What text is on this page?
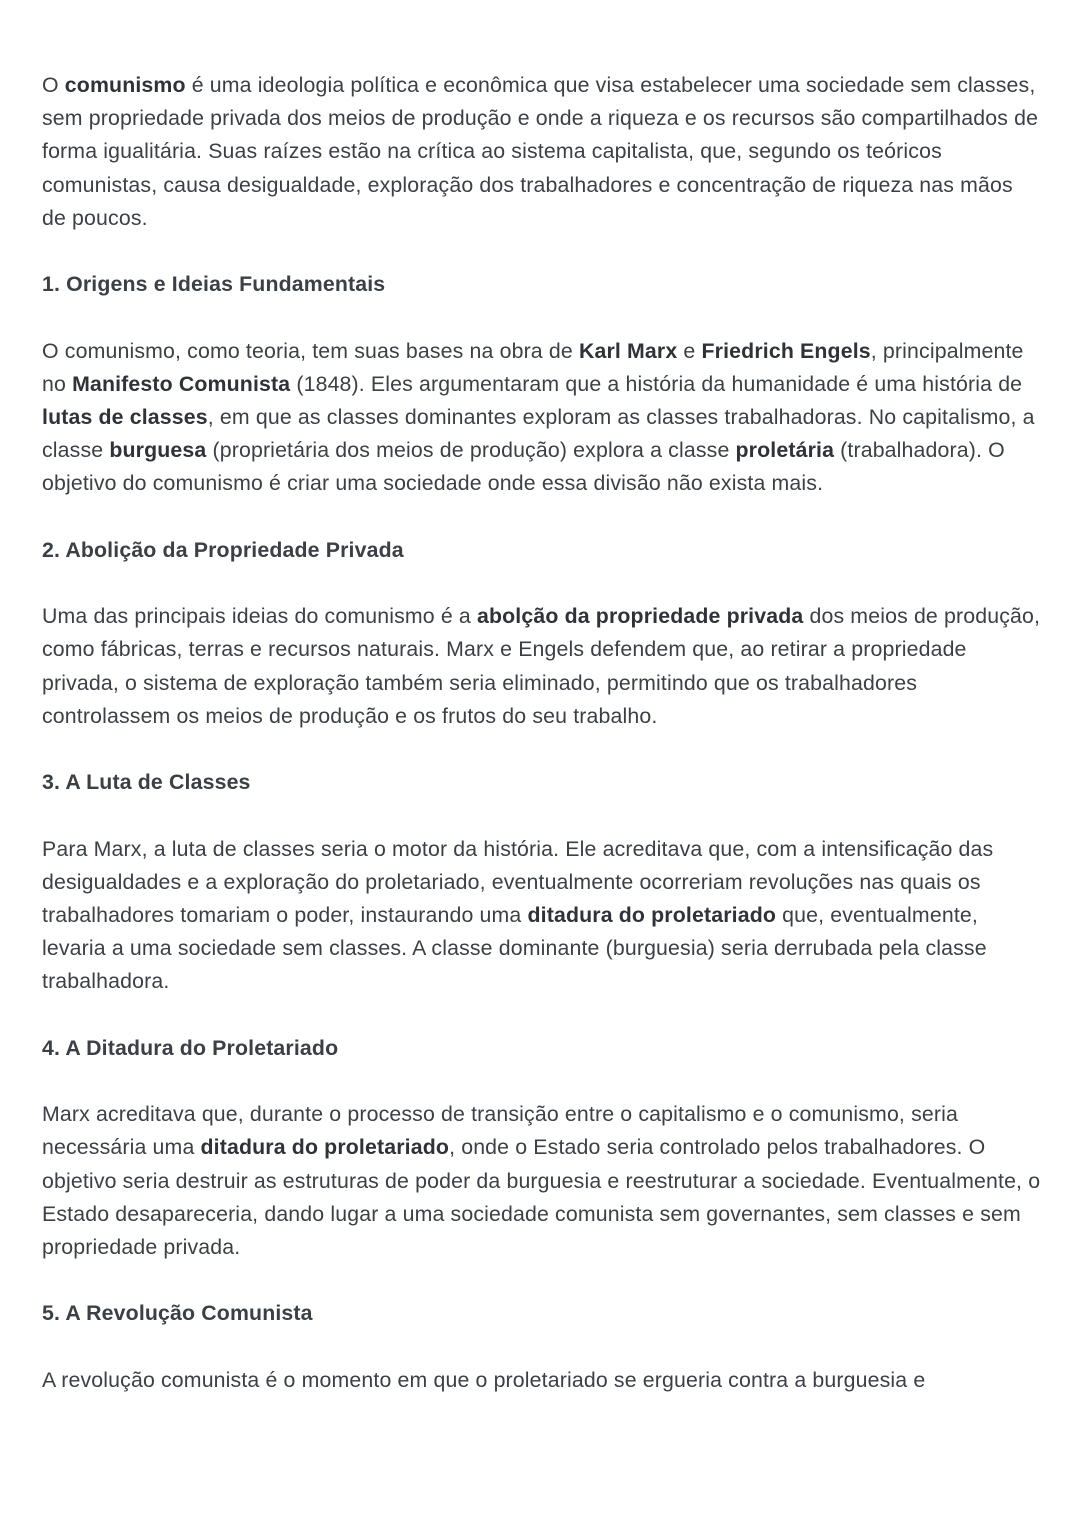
O comunismo é uma ideologia política e econômica que visa estabelecer uma sociedade sem classes, sem propriedade privada dos meios de produção e onde a riqueza e os recursos são compartilhados de forma igualitária. Suas raízes estão na crítica ao sistema capitalista, que, segundo os teóricos comunistas, causa desigualdade, exploração dos trabalhadores e concentração de riqueza nas mãos de poucos.

1. Origens e Ideias Fundamentais

O comunismo, como teoria, tem suas bases na obra de Karl Marx e Friedrich Engels, principalmente no Manifesto Comunista (1848). Eles argumentaram que a história da humanidade é uma história de lutas de classes, em que as classes dominantes exploram as classes trabalhadoras. No capitalismo, a classe burguesa (proprietária dos meios de produção) explora a classe proletária (trabalhadora). O objetivo do comunismo é criar uma sociedade onde essa divisão não exista mais.

2. Abolição da Propriedade Privada

Uma das principais ideias do comunismo é a abolção da propriedade privada dos meios de produção, como fábricas, terras e recursos naturais. Marx e Engels defendem que, ao retirar a propriedade privada, o sistema de exploração também seria eliminado, permitindo que os trabalhadores controlassem os meios de produção e os frutos do seu trabalho.

3. A Luta de Classes

Para Marx, a luta de classes seria o motor da história. Ele acreditava que, com a intensificação das desigualdades e a exploração do proletariado, eventualmente ocorreriam revoluções nas quais os trabalhadores tomariam o poder, instaurando uma ditadura do proletariado que, eventualmente, levaria a uma sociedade sem classes. A classe dominante (burguesia) seria derrubada pela classe trabalhadora.

4. A Ditadura do Proletariado

Marx acreditava que, durante o processo de transição entre o capitalismo e o comunismo, seria necessária uma ditadura do proletariado, onde o Estado seria controlado pelos trabalhadores. O objetivo seria destruir as estruturas de poder da burguesia e reestruturar a sociedade. Eventualmente, o Estado desapareceria, dando lugar a uma sociedade comunista sem governantes, sem classes e sem propriedade privada.

5. A Revolução Comunista

A revolução comunista é o momento em que o proletariado se ergueria contra a burguesia e
